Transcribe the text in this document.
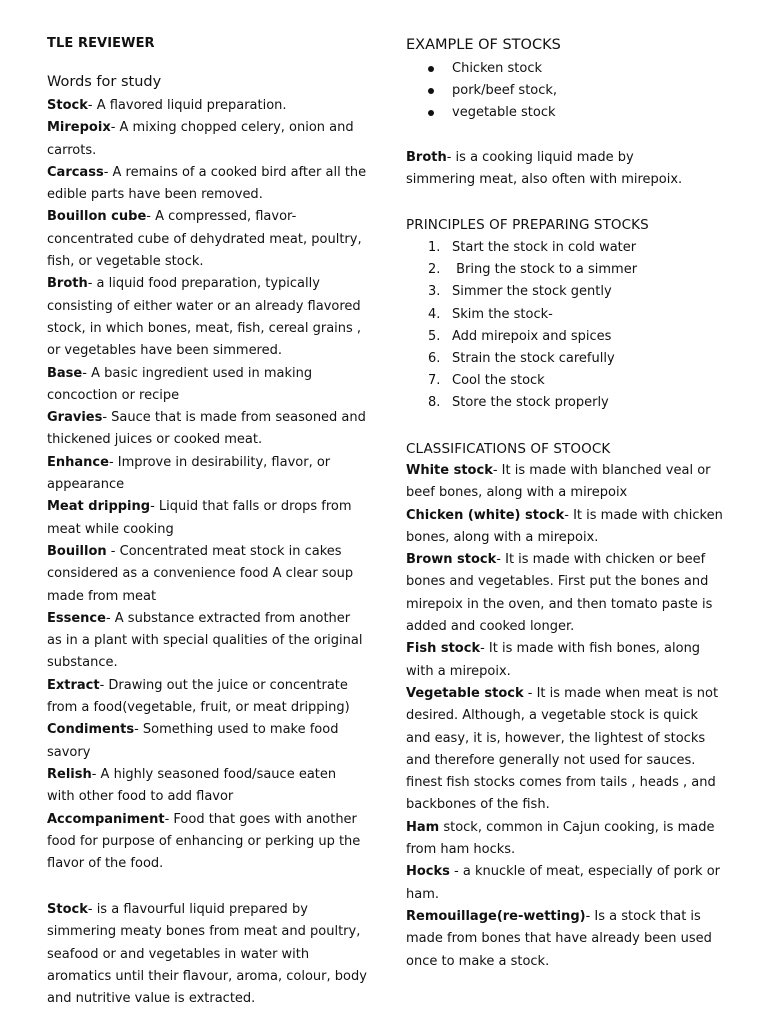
TLE REVIEWER
Words for study
Stock- A flavored liquid preparation.
Mirepoix- A mixing chopped celery, onion and carrots.
Carcass- A remains of a cooked bird after all the edible parts have been removed.
Bouillon cube- A compressed, flavor-concentrated cube of dehydrated meat, poultry, fish, or vegetable stock.
Broth- a liquid food preparation, typically consisting of either water or an already flavored stock, in which bones, meat, fish, cereal grains , or vegetables have been simmered.
Base- A basic ingredient used in making concoction or recipe
Gravies- Sauce that is made from seasoned and thickened juices or cooked meat.
Enhance- Improve in desirability, flavor, or appearance
Meat dripping- Liquid that falls or drops from meat while cooking
Bouillon - Concentrated meat stock in cakes considered as a convenience food A clear soup made from meat
Essence- A substance extracted from another as in a plant with special qualities of the original substance.
Extract- Drawing out the juice or concentrate from a food(vegetable, fruit, or meat dripping)
Condiments- Something used to make food savory
Relish- A highly seasoned food/sauce eaten with other food to add flavor
Accompaniment- Food that goes with another food for purpose of enhancing or perking up the flavor of the food.
Stock- is a flavourful liquid prepared by simmering meaty bones from meat and poultry, seafood or and vegetables in water with aromatics until their flavour, aroma, colour, body and nutritive value is extracted.
EXAMPLE OF STOCKS
Chicken stock
pork/beef stock,
vegetable stock
Broth- is a cooking liquid made by simmering meat, also often with mirepoix.
PRINCIPLES OF PREPARING STOCKS
1. Start the stock in cold water
2. Bring the stock to a simmer
3. Simmer the stock gently
4. Skim the stock-
5. Add mirepoix and spices
6. Strain the stock carefully
7. Cool the stock
8. Store the stock properly
CLASSIFICATIONS OF STOOCK
White stock- It is made with blanched veal or beef bones, along with a mirepoix
Chicken (white) stock- It is made with chicken bones, along with a mirepoix.
Brown stock- It is made with chicken or beef bones and vegetables. First put the bones and mirepoix in the oven, and then tomato paste is added and cooked longer.
Fish stock- It is made with fish bones, along with a mirepoix.
Vegetable stock - It is made when meat is not desired. Although, a vegetable stock is quick and easy, it is, however, the lightest of stocks and therefore generally not used for sauces. finest fish stocks comes from tails , heads , and backbones of the fish.
Ham stock, common in Cajun cooking, is made from ham hocks.
Hocks - a knuckle of meat, especially of pork or ham.
Remouillage(re-wetting)- Is a stock that is made from bones that have already been used once to make a stock.
